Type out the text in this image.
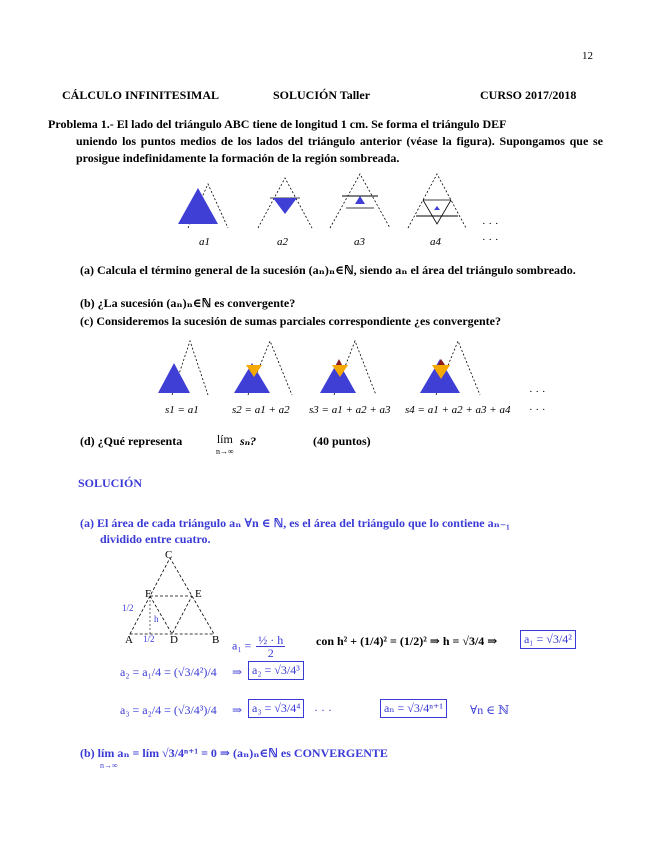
12
CÁLCULO INFINITESIMAL	SOLUCIÓN Taller	CURSO 2017/2018
Problema 1.- El lado del triángulo ABC tiene de longitud 1 cm. Se forma el triángulo DEF
uniendo los puntos medios de los lados del triángulo anterior (véase la figura). Supongamos que se prosigue indefinidamente la formación de la región sombreada.
a1	a2	a3	a4
· · ·
· · ·
(a) Calcula el término general de la sucesión (aₙ)ₙ∈ℕ, siendo aₙ el área del triángulo sombreado.
(b) ¿La sucesión (aₙ)ₙ∈ℕ es convergente?
(c) Consideremos la sucesión de sumas parciales correspondiente ¿es convergente?
s1 = a1	s2 = a1 + a2 s3 = a1 + a2 + a3 s4 = a1 + a2 + a3 + a4
· · ·
· · ·
(d) ¿Qué representa	lím
n→∞
sₙ?	(40 puntos)
SOLUCIÓN
(a) El área de cada triángulo aₙ ∀n ∈ ℕ, es el área del triángulo que lo contiene aₙ₋₁
dividido entre cuatro.
C
F	E
A	D	B
1/2
h
1/2	$a_1 = \frac{\text{½ · h}}{2}$	con h² + (1/4)² = (1/2)² ⇒ h = √3/4 ⇒	a₁ = √3/4²
a₂ = a₁/4 = (√3/4²)/4 ⇒ a₂ = √3/4³
a₃ = a₂/4 = (√3/4³)/4 ⇒ a₃ = √3/4⁴	· · ·	aₙ = √3/4ⁿ⁺¹	∀n ∈ ℕ
(b) lím aₙ = lím √3/4ⁿ⁺¹ = 0 ⇒ (aₙ)ₙ∈ℕ es CONVERGENTE
n→∞
